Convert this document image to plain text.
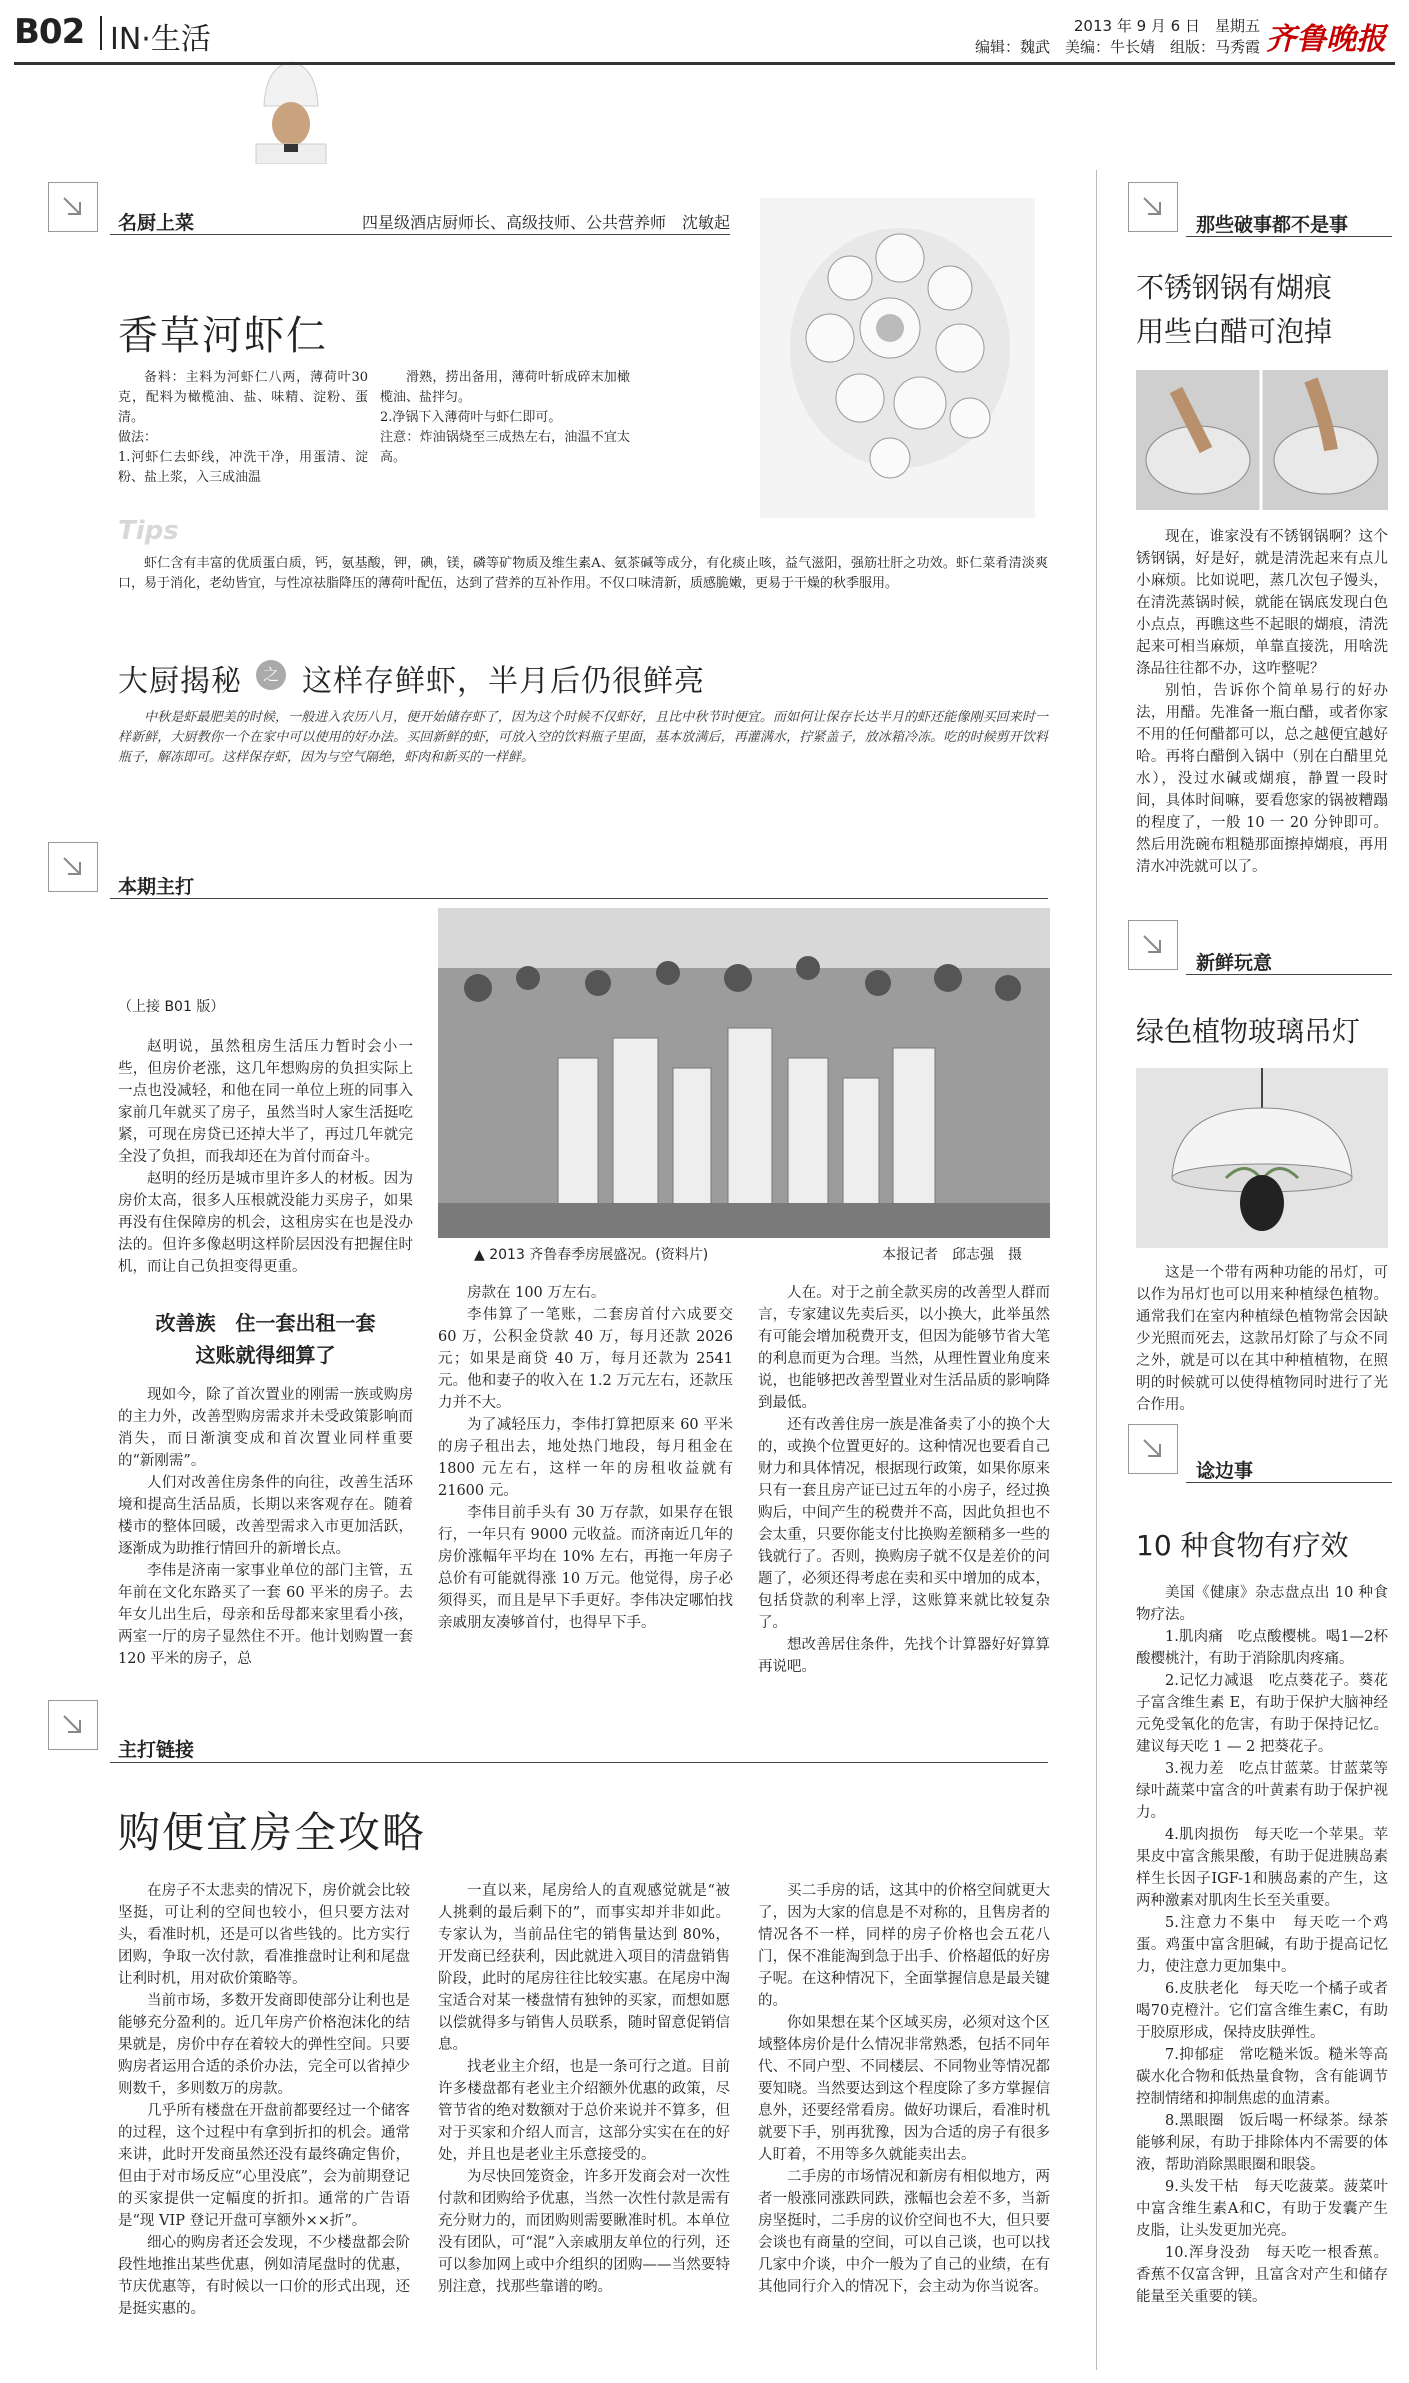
B02 IN·生活	2013 年 9 月 6 日　星期五
编辑：魏武　美编：牛长婧　组版：马秀霞 齐鲁晚报
名厨上菜	四星级酒店厨师长、高级技师、公共营养师　沈敏起
香草河虾仁
备料：主料为河虾仁八两，薄荷叶30克，配料为橄榄油、盐、味精、淀粉、蛋清。
做法：
1.河虾仁去虾线，冲洗干净，用蛋清、淀粉、盐上浆，入三成油温
滑熟，捞出备用，薄荷叶斩成碎末加橄榄油、盐拌匀。
2.净锅下入薄荷叶与虾仁即可。
注意：炸油锅烧至三成热左右，油温不宜太高。
Tips
虾仁含有丰富的优质蛋白质，钙，氨基酸，钾，碘，镁，磷等矿物质及维生素A、氨茶碱等成分，有化痰止咳，益气滋阳，强筋壮肝之功效。虾仁菜肴清淡爽口，易于消化，老幼皆宜，与性凉祛脂降压的薄荷叶配伍，达到了营养的互补作用。不仅口味清新，质感脆嫩，更易于干燥的秋季服用。
大厨揭秘	之 这样存鲜虾，半月后仍很鲜亮
中秋是虾最肥美的时候，一般进入农历八月，便开始储存虾了，因为这个时候不仅虾好，且比中秋节时便宜。而如何让保存长达半月的虾还能像刚买回来时一样新鲜，大厨教你一个在家中可以使用的好办法。买回新鲜的虾，可放入空的饮料瓶子里面，基本放满后，再灌满水，拧紧盖子，放冰箱冷冻。吃的时候剪开饮料瓶子，解冻即可。这样保存虾，因为与空气隔绝，虾肉和新买的一样鲜。
本期主打
（上接 B01 版）

赵明说，虽然租房生活压力暂时会小一些，但房价老涨，这几年想购房的负担实际上一点也没减轻，和他在同一单位上班的同事入家前几年就买了房子，虽然当时人家生活挺吃紧，可现在房贷已还掉大半了，再过几年就完全没了负担，而我却还在为首付而奋斗。

赵明的经历是城市里许多人的材板。因为房价太高，很多人压根就没能力买房子，如果再没有住保障房的机会，这租房实在也是没办法的。但许多像赵明这样阶层因没有把握住时机，而让自己负担变得更重。

改善族　住一套出租一套
这账就得细算了

现如今，除了首次置业的刚需一族或购房的主力外，改善型购房需求并未受政策影响而消失，而日渐演变成和首次置业同样重要的“新刚需”。

人们对改善住房条件的向往，改善生活环境和提高生活品质，长期以来客观存在。随着楼市的整体回暖，改善型需求入市更加活跃，逐渐成为助推行情回升的新增长点。

李伟是济南一家事业单位的部门主管，五年前在文化东路买了一套 60 平米的房子。去年女儿出生后，母亲和岳母都来家里看小孩，两室一厅的房子显然住不开。他计划购置一套 120 平米的房子，总

▲ 2013 齐鲁春季房展盛况。(资料片)	本报记者　邱志强　摄

房款在 100 万左右。

李伟算了一笔账，二套房首付六成要交 60 万，公积金贷款 40 万，每月还款 2026 元；如果是商贷 40 万，每月还款为 2541 元。他和妻子的收入在 1.2 万元左右，还款压力并不大。

为了减轻压力，李伟打算把原来 60 平米的房子租出去，地处热门地段，每月租金在 1800 元左右，这样一年的房租收益就有 21600 元。

李伟目前手头有 30 万存款，如果存在银行，一年只有 9000 元收益。而济南近几年的房价涨幅年平均在 10% 左右，再拖一年房子总价有可能就得涨 10 万元。他觉得，房子必须得买，而且是早下手更好。李伟决定哪怕找亲戚朋友凑够首付，也得早下手。

人在。对于之前全款买房的改善型人群而言，专家建议先卖后买，以小换大，此举虽然有可能会增加税费开支，但因为能够节省大笔的利息而更为合理。当然，从理性置业角度来说，也能够把改善型置业对生活品质的影响降到最低。

还有改善住房一族是准备卖了小的换个大的，或换个位置更好的。这种情况也要看自己财力和具体情况，根据现行政策，如果你原来只有一套且房产证已过五年的小房子，经过换购后，中间产生的税费并不高，因此负担也不会太重，只要你能支付比换购差额稍多一些的钱就行了。否则，换购房子就不仅是差价的问题了，必须还得考虑在卖和买中增加的成本，包括贷款的利率上浮，这账算来就比较复杂了。

想改善居住条件，先找个计算器好好算算再说吧。

主打链接
购便宜房全攻略

在房子不太悲卖的情况下，房价就会比较坚挺，可让利的空间也较小，但只要方法对头，看准时机，还是可以省些钱的。比方实行团购，争取一次付款，看准推盘时让利和尾盘让利时机，用对砍价策略等。

当前市场，多数开发商即使部分让利也是能够充分盈利的。近几年房产价格泡沫化的结果就是，房价中存在着较大的弹性空间。只要购房者运用合适的杀价办法，完全可以省掉少则数千，多则数万的房款。

几乎所有楼盘在开盘前都要经过一个储客的过程，这个过程中有拿到折扣的机会。通常来讲，此时开发商虽然还没有最终确定售价，但由于对市场反应“心里没底”，会为前期登记的买家提供一定幅度的折扣。通常的广告语是“现 VIP 登记开盘可享额外××折”。

细心的购房者还会发现，不少楼盘都会阶段性地推出某些优惠，例如清尾盘时的优惠，节庆优惠等，有时候以一口价的形式出现，还是挺实惠的。

一直以来，尾房给人的直观感觉就是“被人挑剩的最后剩下的”，而事实却并非如此。专家认为，当前品住宅的销售量达到 80%，开发商已经获利，因此就进入项目的清盘销售阶段，此时的尾房往往比较实惠。在尾房中淘宝适合对某一楼盘情有独钟的买家，而想如愿以偿就得多与销售人员联系，随时留意促销信息。

找老业主介绍，也是一条可行之道。目前许多楼盘都有老业主介绍额外优惠的政策，尽管节省的绝对数额对于总价来说并不算多，但对于买家和介绍人而言，这部分实实在在的好处，并且也是老业主乐意接受的。

为尽快回笼资金，许多开发商会对一次性付款和团购给予优惠，当然一次性付款是需有充分财力的，而团购则需要瞅准时机。本单位没有团队，可“混”入亲戚朋友单位的行列，还可以参加网上或中介组织的团购——当然要特别注意，找那些靠谱的哟。

买二手房的话，这其中的价格空间就更大了，因为大家的信息是不对称的，且售房者的情况各不一样，同样的房子价格也会五花八门，保不准能淘到急于出手、价格超低的好房子呢。在这种情况下，全面掌握信息是最关键的。

你如果想在某个区域买房，必须对这个区域整体房价是什么情况非常熟悉，包括不同年代、不同户型、不同楼层、不同物业等情况都要知晓。当然要达到这个程度除了多方掌握信息外，还要经常看房。做好功课后，看准时机就要下手，别再犹豫，因为合适的房子有很多人盯着，不用等多久就能卖出去。

二手房的市场情况和新房有相似地方，两者一般涨同涨跌同跌，涨幅也会差不多，当新房坚挺时，二手房的议价空间也不大，但只要会谈也有商量的空间，可以自己谈，也可以找几家中介谈，中介一般为了自己的业绩，在有其他同行介入的情况下，会主动为你当说客。

那些破事都不是事
不锈钢锅有煳痕
用些白醋可泡掉

现在，谁家没有不锈钢锅啊？这个锈钢锅，好是好，就是清洗起来有点儿小麻烦。比如说吧，蒸几次包子馒头，在清洗蒸锅时候，就能在锅底发现白色小点点，再瞧这些不起眼的煳痕，清洗起来可相当麻烦，单靠直接洗，用啥洗涤品往往都不办，这咋整呢？

别怕，告诉你个简单易行的好办法，用醋。先准备一瓶白醋，或者你家不用的任何醋都可以，总之越便宜越好哈。再将白醋倒入锅中（别在白醋里兑水），没过水碱或煳痕，静置一段时间，具体时间嘛，要看您家的锅被糟蹋的程度了，一般 10 一 20 分钟即可。然后用洗碗布粗糙那面擦掉煳痕，再用清水冲洗就可以了。

新鲜玩意
绿色植物玻璃吊灯
这是一个带有两种功能的吊灯，可以作为吊灯也可以用来种植绿色植物。通常我们在室内种植绿色植物常会因缺少光照而死去，这款吊灯除了与众不同之外，就是可以在其中种植植物，在照明的时候就可以使得植物同时进行了光合作用。
谂边事
10 种食物有疗效

美国《健康》杂志盘点出 10 种食物疗法。

1.肌肉痛　吃点酸樱桃。喝1—2杯酸樱桃汁，有助于消除肌肉疼痛。

2.记忆力减退　吃点葵花子。葵花子富含维生素 E，有助于保护大脑神经元免受氧化的危害，有助于保持记忆。建议每天吃 1 — 2 把葵花子。

3.视力差　吃点甘蓝菜。甘蓝菜等绿叶蔬菜中富含的叶黄素有助于保护视力。

4.肌肉损伤　每天吃一个苹果。苹果皮中富含熊果酸，有助于促进胰岛素样生长因子IGF-1和胰岛素的产生，这两种激素对肌肉生长至关重要。

5.注意力不集中　每天吃一个鸡蛋。鸡蛋中富含胆碱，有助于提高记忆力，使注意力更加集中。

6.皮肤老化　每天吃一个橘子或者喝70克橙汁。它们富含维生素C，有助于胶原形成，保持皮肤弹性。

7.抑郁症　常吃糙米饭。糙米等高碳水化合物和低热量食物，含有能调节控制情绪和抑制焦虑的血清素。

8.黑眼圈　饭后喝一杯绿茶。绿茶能够利尿，有助于排除体内不需要的体液，帮助消除黑眼圈和眼袋。

9.头发干枯　每天吃菠菜。菠菜叶中富含维生素A和C，有助于发囊产生皮脂，让头发更加光亮。

10.浑身没劲　每天吃一根香蕉。香蕉不仅富含钾，且富含对产生和储存能量至关重要的镁。
